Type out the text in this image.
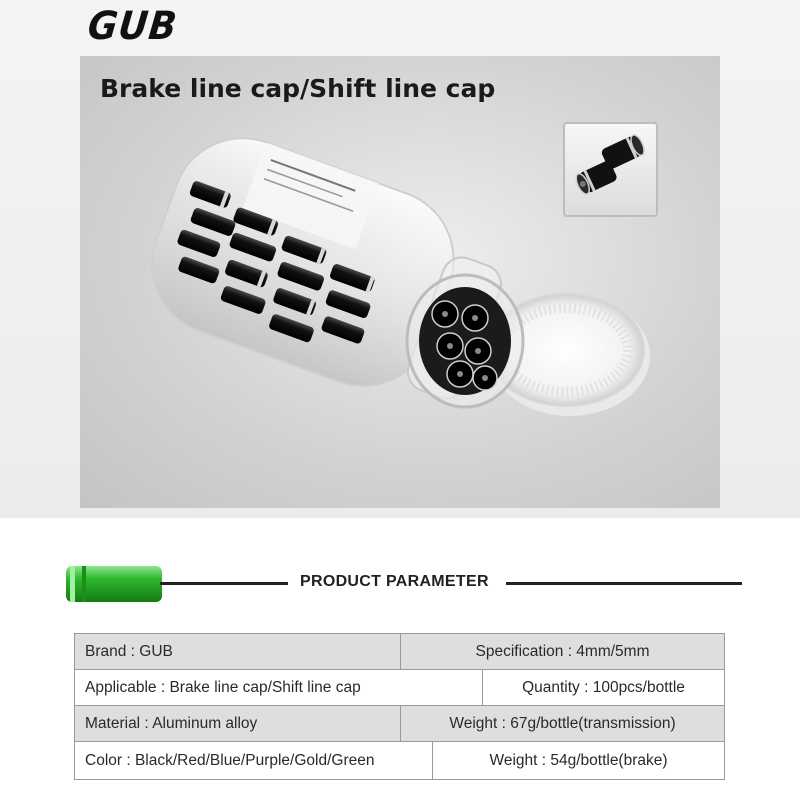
GUB
Brake line cap/Shift line cap
PRODUCT PARAMETER
Brand : GUB	Specification : 4mm/5mm
Applicable : Brake line cap/Shift line cap	Quantity : 100pcs/bottle
Material : Aluminum alloy	Weight : 67g/bottle(transmission)
Color : Black/Red/Blue/Purple/Gold/Green	Weight : 54g/bottle(brake)
